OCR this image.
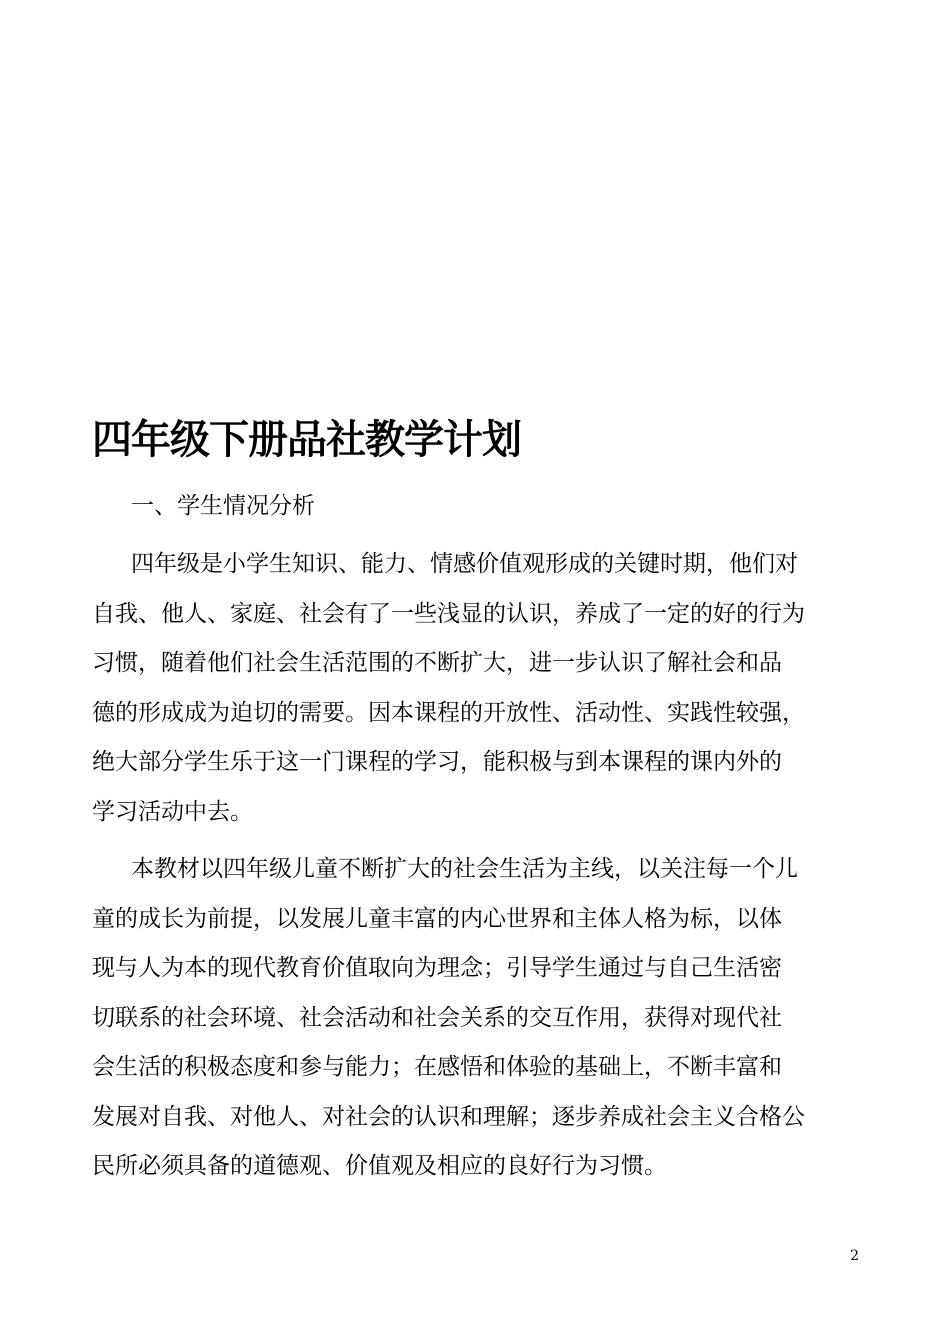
四年级下册品社教学计划

一、学生情况分析

四年级是小学生知识、能力、情感价值观形成的关键时期，他们对
自我、他人、家庭、社会有了一些浅显的认识，养成了一定的好的行为
习惯，随着他们社会生活范围的不断扩大，进一步认识了解社会和品
德的形成成为迫切的需要。因本课程的开放性、活动性、实践性较强，
绝大部分学生乐于这一门课程的学习，能积极与到本课程的课内外的
学习活动中去。
本教材以四年级儿童不断扩大的社会生活为主线，以关注每一个儿
童的成长为前提，以发展儿童丰富的内心世界和主体人格为标，以体
现与人为本的现代教育价值取向为理念；引导学生通过与自己生活密
切联系的社会环境、社会活动和社会关系的交互作用，获得对现代社
会生活的积极态度和参与能力；在感悟和体验的基础上，不断丰富和
发展对自我、对他人、对社会的认识和理解；逐步养成社会主义合格公
民所必须具备的道德观、价值观及相应的良好行为习惯。

2
